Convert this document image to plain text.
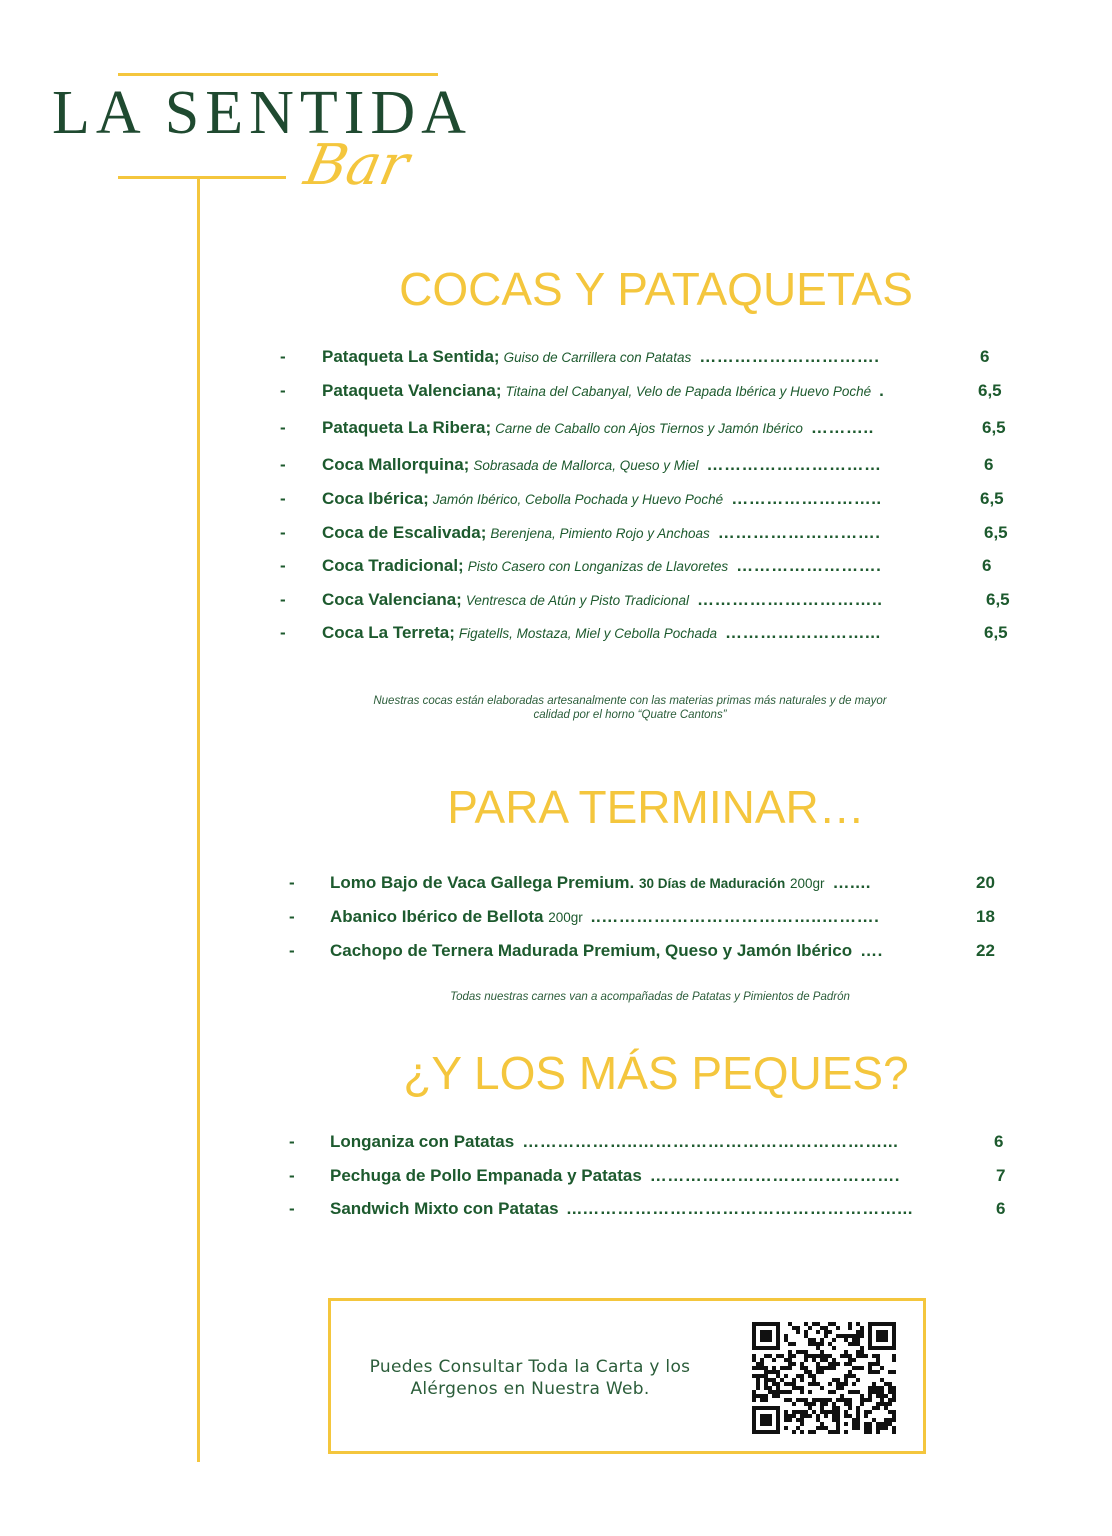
LA SENTIDA
Bar
COCAS Y PATAQUETAS
- Pataqueta La Sentida; Guiso de Carrillera con Patatas ………………………….	6
- Pataqueta Valenciana; Titaina del Cabanyal, Velo de Papada Ibérica y Huevo Poché .	6,5
- Pataqueta La Ribera; Carne de Caballo con Ajos Tiernos y Jamón Ibérico ………..	6,5
- Coca Mallorquina; Sobrasada de Mallorca, Queso y Miel …………………………	6
- Coca Ibérica; Jamón Ibérico, Cebolla Pochada y Huevo Poché ……………………..	6,5
- Coca de Escalivada; Berenjena, Pimiento Rojo y Anchoas ……………………….	6,5
- Coca Tradicional; Pisto Casero con Longanizas de Llavoretes …………………….	6
- Coca Valenciana; Ventresca de Atún y Pisto Tradicional …………………………..	6,5
- Coca La Terreta; Figatells, Mostaza, Miel y Cebolla Pochada ……………………...	6,5
Nuestras cocas están elaboradas artesanalmente con las materias primas más naturales y de mayor
calidad por el horno “Quatre Cantons”
PARA TERMINAR…
- Lomo Bajo de Vaca Gallega Premium. 30 Días de Maduración 200gr …....	20
- Abanico Ibérico de Bellota 200gr ..………………………………..……….	18
- Cachopo de Ternera Madurada Premium, Queso y Jamón Ibérico ….	22
Todas nuestras carnes van a acompañadas de Patatas y Pimientos de Padrón
¿Y LOS MÁS PEQUES?
- Longaniza con Patatas ………………..……………………………………...	6
- Pechuga de Pollo Empanada y Patatas …………………………………….	7
- Sandwich Mixto con Patatas ...………………………………………………...	6
Puedes Consultar Toda la Carta y los
Alérgenos en Nuestra Web.
